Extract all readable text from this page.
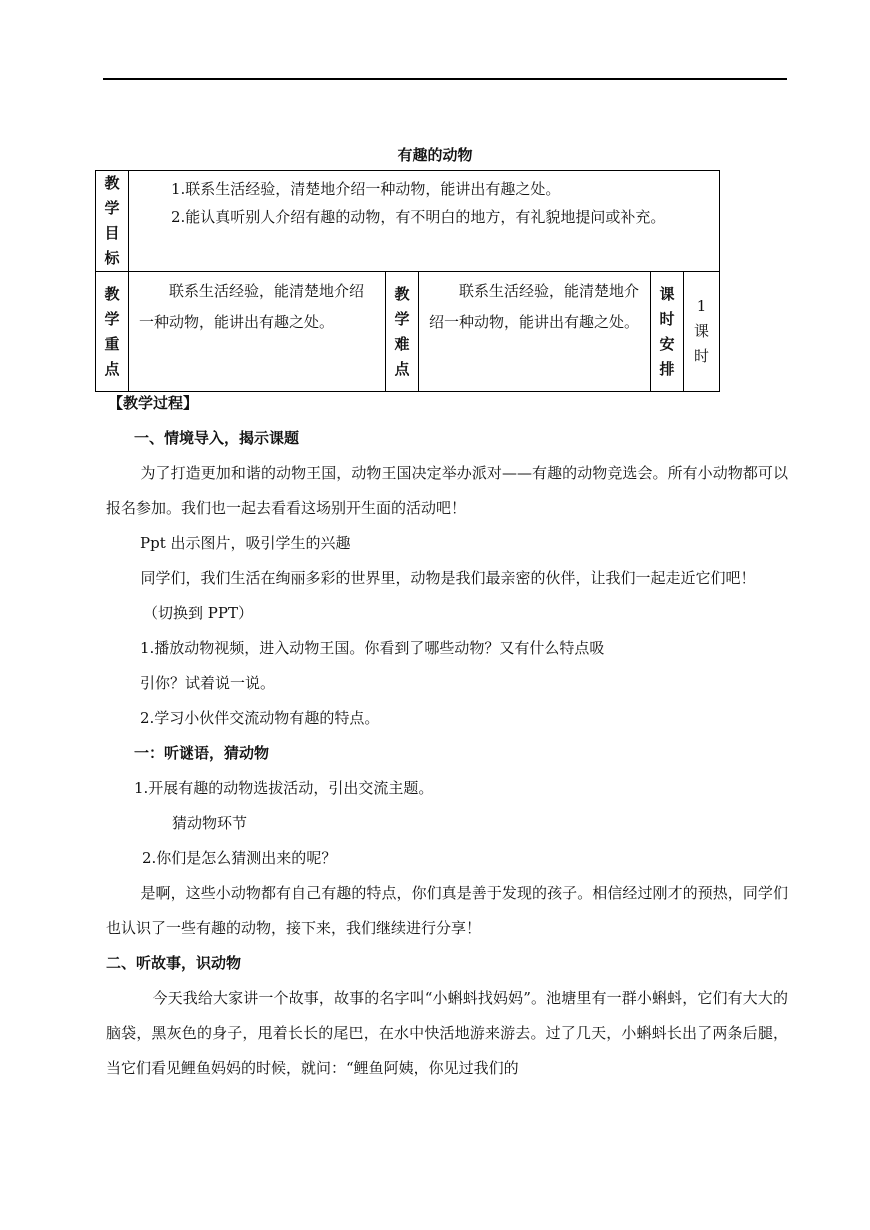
有趣的动物
教学目标	1.联系生活经验，清楚地介绍一种动物，能讲出有趣之处。

2.能认真听别人介绍有趣的动物，有不明白的地方，有礼貌地提问或补充。				

教学重点	联系生活经验，能清楚地介绍一种动物，能讲出有趣之处。	教学难点	联系生活经验，能清楚地介绍一种动物，能讲出有趣之处。	课时安排	1课时

【教学过程】

一、情境导入，揭示课题

为了打造更加和谐的动物王国，动物王国决定举办派对——有趣的动物竞选会。所有小动物都可以报名参加。我们也一起去看看这场别开生面的活动吧！

Ppt 出示图片，吸引学生的兴趣

同学们，我们生活在绚丽多彩的世界里，动物是我们最亲密的伙伴，让我们一起走近它们吧！

（切换到 PPT）

1.播放动物视频，进入动物王国。你看到了哪些动物？又有什么特点吸

引你？试着说一说。

2.学习小伙伴交流动物有趣的特点。

一：听谜语，猜动物

1.开展有趣的动物选拔活动，引出交流主题。

猜动物环节

2.你们是怎么猜测出来的呢？

是啊，这些小动物都有自己有趣的特点，你们真是善于发现的孩子。相信经过刚才的预热，同学们也认识了一些有趣的动物，接下来，我们继续进行分享！

二、听故事，识动物

今天我给大家讲一个故事，故事的名字叫“小蝌蚪找妈妈”。池塘里有一群小蝌蚪，它们有大大的脑袋，黑灰色的身子，甩着长长的尾巴，在水中快活地游来游去。过了几天，小蝌蚪长出了两条后腿，当它们看见鲤鱼妈妈的时候，就问：“鲤鱼阿姨，你见过我们的
